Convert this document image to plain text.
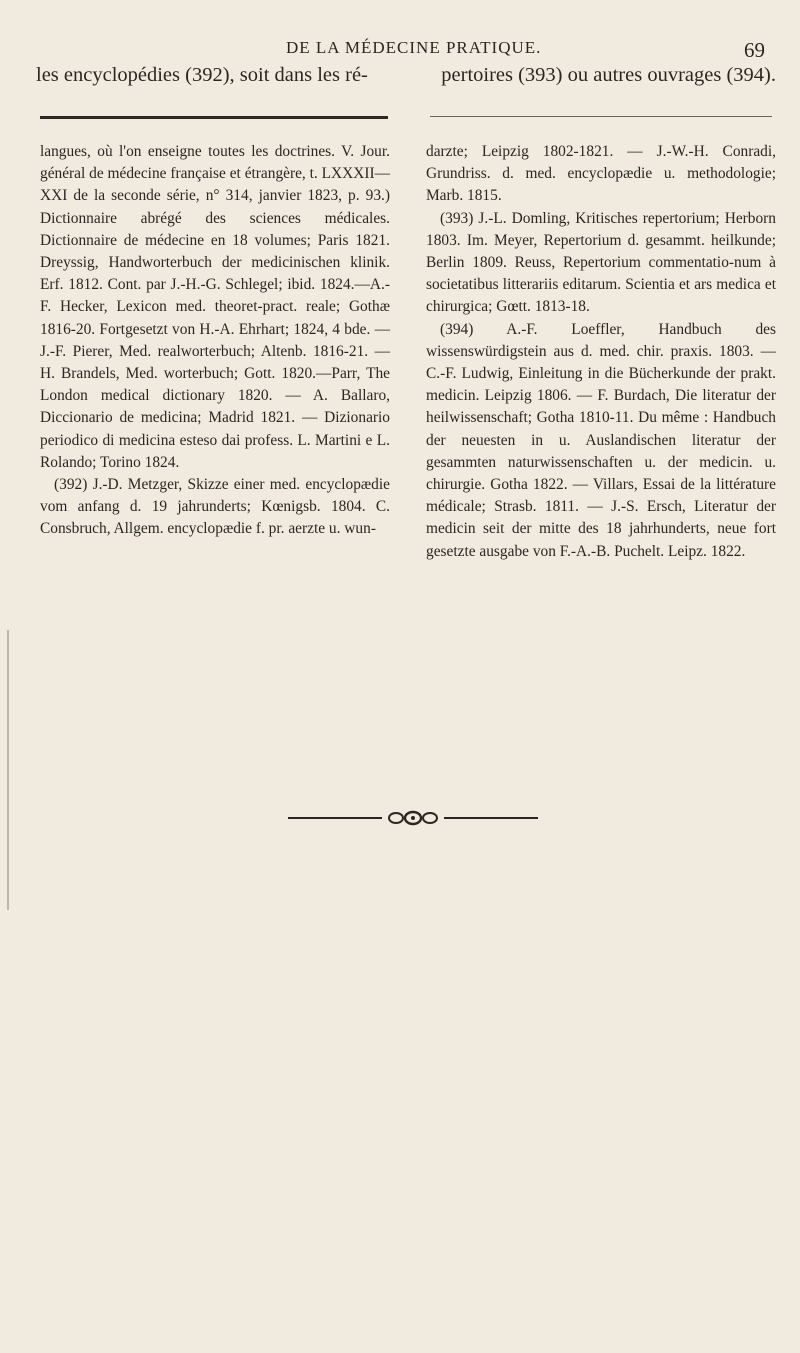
DE LA MÉDECINE PRATIQUE.	69
les encyclopédies (392), soit dans les ré-	pertoires (393) ou autres ouvrages (394).

langues, où l'on enseigne toutes les doctrines. V. Jour. général de médecine française et étrangère, t. LXXXII—XXI de la seconde série, n° 314, janvier 1823, p. 93.) Dictionnaire abrégé des sciences médicales. Dictionnaire de médecine en 18 volumes; Paris 1821. Dreyssig, Handworterbuch der medicinischen klinik. Erf. 1812. Cont. par J.-H.-G. Schlegel; ibid. 1824.—A.-F. Hecker, Lexicon med. theoret-pract. reale; Gothæ 1816-20. Fortgesetzt von H.-A. Ehrhart; 1824, 4 bde. — J.-F. Pierer, Med. realworterbuch; Altenb. 1816-21. — H. Brandels, Med. worterbuch; Gott. 1820.—Parr, The London medical dictionary 1820. — A. Ballaro, Diccionario de medicina; Madrid 1821. — Dizionario periodico di medicina esteso dai profess. L. Martini e L. Rolando; Torino 1824.

(392) J.-D. Metzger, Skizze einer med. encyclopædie vom anfang d. 19 jahrunderts; Kœnigsb. 1804. C. Consbruch, Allgem. encyclopædie f. pr. aerzte u. wun-

darzte; Leipzig 1802-1821. — J.-W.-H. Conradi, Grundriss. d. med. encyclopædie u. methodologie; Marb. 1815.

(393) J.-L. Domling, Kritisches repertorium; Herborn 1803. Im. Meyer, Repertorium d. gesammt. heilkunde; Berlin 1809. Reuss, Repertorium commentatio-num à societatibus litterariis editarum. Scientia et ars medica et chirurgica; Gœtt. 1813-18.

(394) A.-F. Loeffler, Handbuch des wissenswürdigstein aus d. med. chir. praxis. 1803. — C.-F. Ludwig, Einleitung in die Bücherkunde der prakt. medicin. Leipzig 1806. — F. Burdach, Die literatur der heilwissenschaft; Gotha 1810-11. Du même : Handbuch der neuesten in u. Auslandischen literatur der gesammten naturwissenschaften u. der medicin. u. chirurgie. Gotha 1822. — Villars, Essai de la littérature médicale; Strasb. 1811. — J.-S. Ersch, Literatur der medicin seit der mitte des 18 jahrhunderts, neue fort gesetzte ausgabe von F.-A.-B. Puchelt. Leipz. 1822.
